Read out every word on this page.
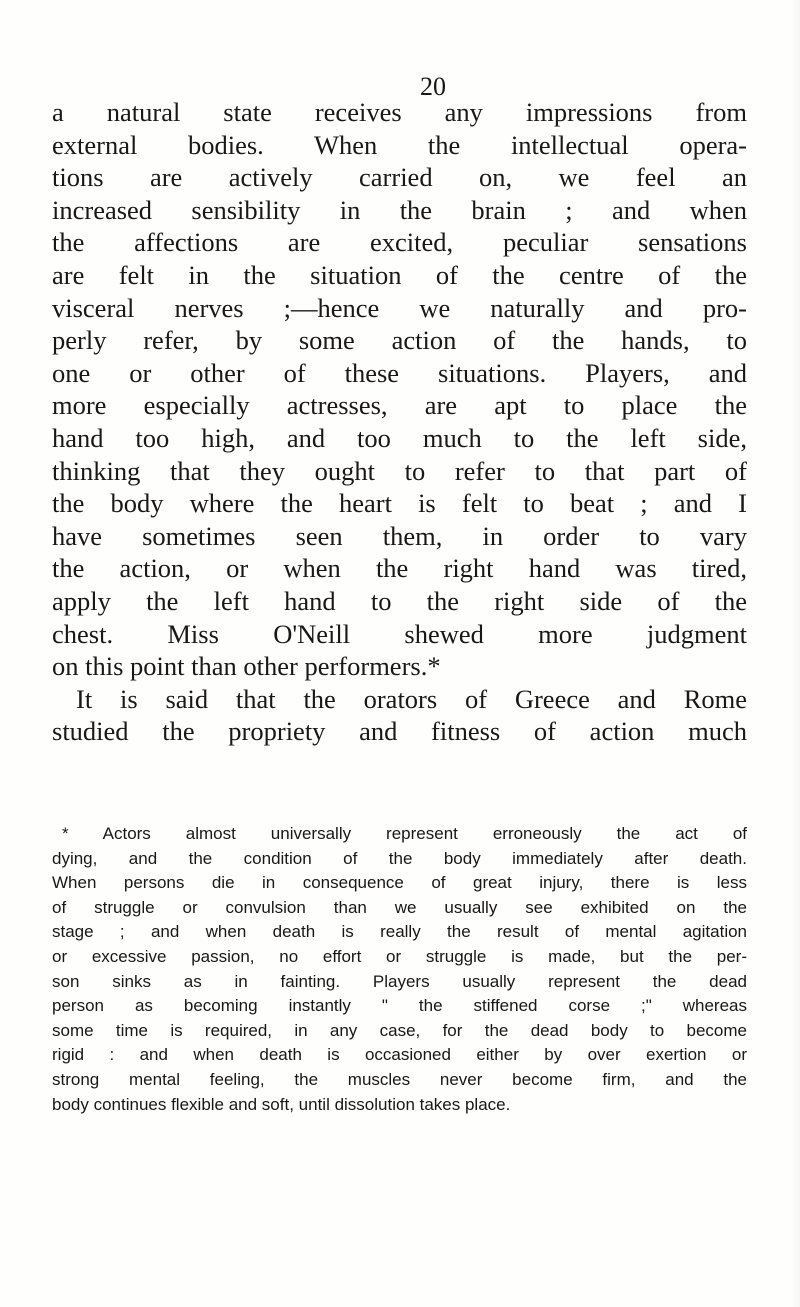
20
a natural state receives any impressions from
external bodies. When the intellectual opera-
tions are actively carried on, we feel an
increased sensibility in the brain ; and when
the affections are excited, peculiar sensations
are felt in the situation of the centre of the
visceral nerves ;—hence we naturally and pro-
perly refer, by some action of the hands, to
one or other of these situations. Players, and
more especially actresses, are apt to place the
hand too high, and too much to the left side,
thinking that they ought to refer to that part of
the body where the heart is felt to beat ; and I
have sometimes seen them, in order to vary
the action, or when the right hand was tired,
apply the left hand to the right side of the
chest. Miss O'Neill shewed more judgment
on this point than other performers.*
It is said that the orators of Greece and Rome
studied the propriety and fitness of action much
* Actors almost universally represent erroneously the act of
dying, and the condition of the body immediately after death.
When persons die in consequence of great injury, there is less
of struggle or convulsion than we usually see exhibited on the
stage ; and when death is really the result of mental agitation
or excessive passion, no effort or struggle is made, but the per-
son sinks as in fainting. Players usually represent the dead
person as becoming instantly " the stiffened corse ;" whereas
some time is required, in any case, for the dead body to become
rigid : and when death is occasioned either by over exertion or
strong mental feeling, the muscles never become firm, and the
body continues flexible and soft, until dissolution takes place.
